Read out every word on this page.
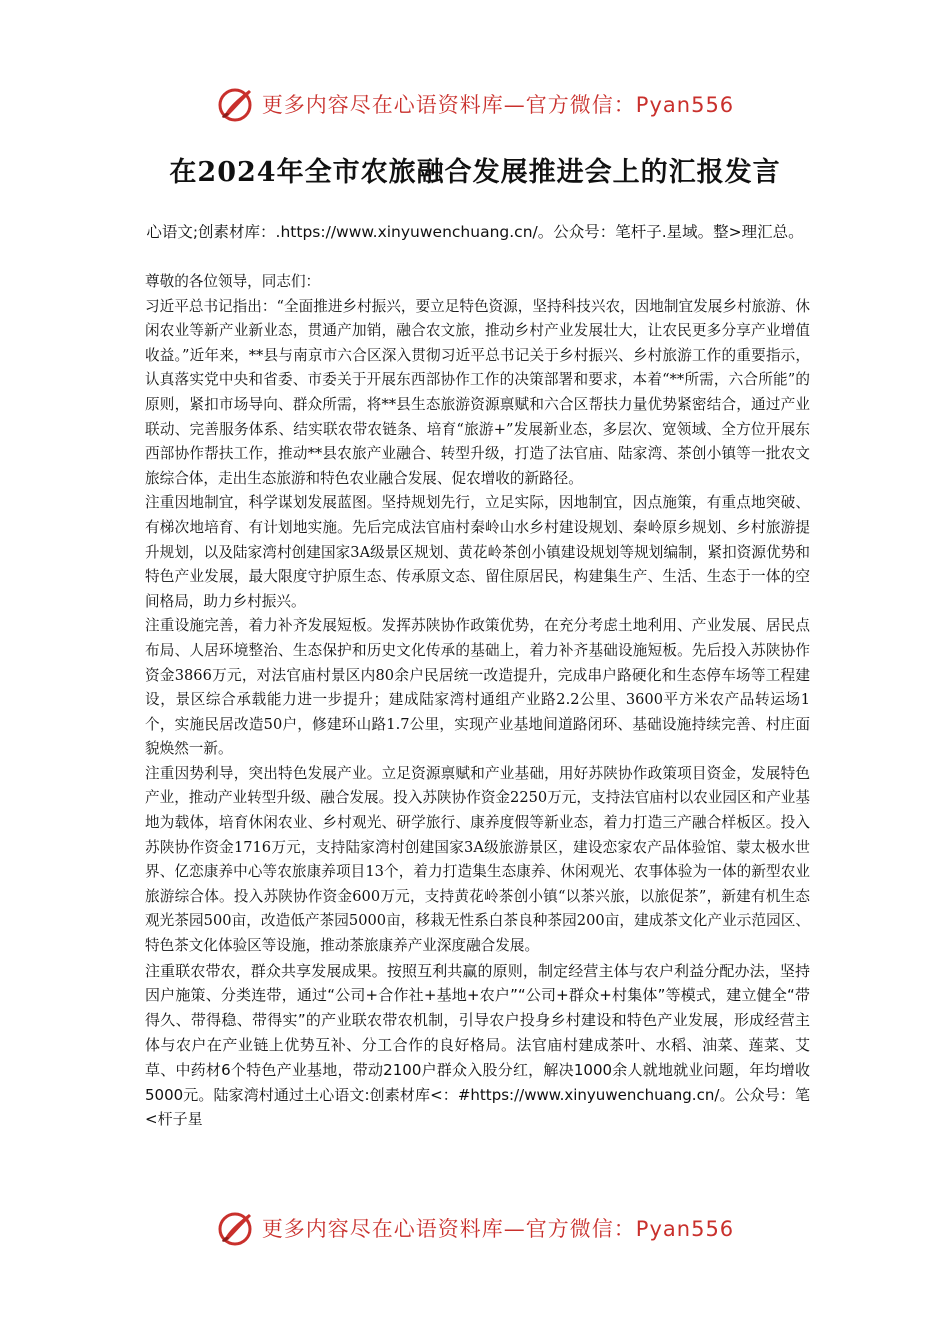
更多内容尽在心语资料库—官方微信：Pyan556
在2024年全市农旅融合发展推进会上的汇报发言
心语文;创素材库：.https://www.xinyuwenchuang.cn/。公众号：笔杆子.星域。整>理汇总。

尊敬的各位领导，同志们：

习近平总书记指出：“全面推进乡村振兴，要立足特色资源，坚持科技兴农，因地制宜发展乡村旅游、休闲农业等新产业新业态，贯通产加销，融合农文旅，推动乡村产业发展壮大，让农民更多分享产业增值收益。”近年来，**县与南京市六合区深入贯彻习近平总书记关于乡村振兴、乡村旅游工作的重要指示，认真落实党中央和省委、市委关于开展东西部协作工作的决策部署和要求，本着“**所需，六合所能”的原则，紧扣市场导向、群众所需，将**县生态旅游资源禀赋和六合区帮扶力量优势紧密结合，通过产业联动、完善服务体系、结实联农带农链条、培育“旅游+”发展新业态，多层次、宽领域、全方位开展东西部协作帮扶工作，推动**县农旅产业融合、转型升级，打造了法官庙、陆家湾、茶创小镇等一批农文旅综合体，走出生态旅游和特色农业融合发展、促农增收的新路径。

注重因地制宜，科学谋划发展蓝图。坚持规划先行，立足实际，因地制宜，因点施策，有重点地突破、有梯次地培育、有计划地实施。先后完成法官庙村秦岭山水乡村建设规划、秦岭原乡规划、乡村旅游提升规划，以及陆家湾村创建国家3A级景区规划、黄花岭茶创小镇建设规划等规划编制，紧扣资源优势和特色产业发展，最大限度守护原生态、传承原文态、留住原居民，构建集生产、生活、生态于一体的空间格局，助力乡村振兴。

注重设施完善，着力补齐发展短板。发挥苏陕协作政策优势，在充分考虑土地利用、产业发展、居民点布局、人居环境整治、生态保护和历史文化传承的基础上，着力补齐基础设施短板。先后投入苏陕协作资金3866万元，对法官庙村景区内80余户民居统一改造提升，完成串户路硬化和生态停车场等工程建设，景区综合承载能力进一步提升；建成陆家湾村通组产业路2.2公里、3600平方米农产品转运场1个，实施民居改造50户，修建环山路1.7公里，实现产业基地间道路闭环、基础设施持续完善、村庄面貌焕然一新。

注重因势利导，突出特色发展产业。立足资源禀赋和产业基础，用好苏陕协作政策项目资金，发展特色产业，推动产业转型升级、融合发展。投入苏陕协作资金2250万元，支持法官庙村以农业园区和产业基地为载体，培育休闲农业、乡村观光、研学旅行、康养度假等新业态，着力打造三产融合样板区。投入苏陕协作资金1716万元，支持陆家湾村创建国家3A级旅游景区，建设恋家农产品体验馆、蒙太极水世界、亿恋康养中心等农旅康养项目13个，着力打造集生态康养、休闲观光、农事体验为一体的新型农业旅游综合体。投入苏陕协作资金600万元，支持黄花岭茶创小镇“以茶兴旅，以旅促茶”，新建有机生态观光茶园500亩，改造低产茶园5000亩，移栽无性系白茶良种茶园200亩，建成茶文化产业示范园区、特色茶文化体验区等设施，推动茶旅康养产业深度融合发展。

注重联农带农，群众共享发展成果。按照互利共赢的原则，制定经营主体与农户利益分配办法，坚持因户施策、分类连带，通过“公司+合作社+基地+农户”“公司+群众+村集体”等模式，建立健全“带得久、带得稳、带得实”的产业联农带农机制，引导农户投身乡村建设和特色产业发展，形成经营主体与农户在产业链上优势互补、分工合作的良好格局。法官庙村建成茶叶、水稻、油菜、莲菜、艾草、中药材6个特色产业基地，带动2100户群众入股分红，解决1000余人就地就业问题，年均增收5000元。陆家湾村通过土心语文:创素材库<：#https://www.xinyuwenchuang.cn/。公众号：笔<杆子星

更多内容尽在心语资料库—官方微信：Pyan556
